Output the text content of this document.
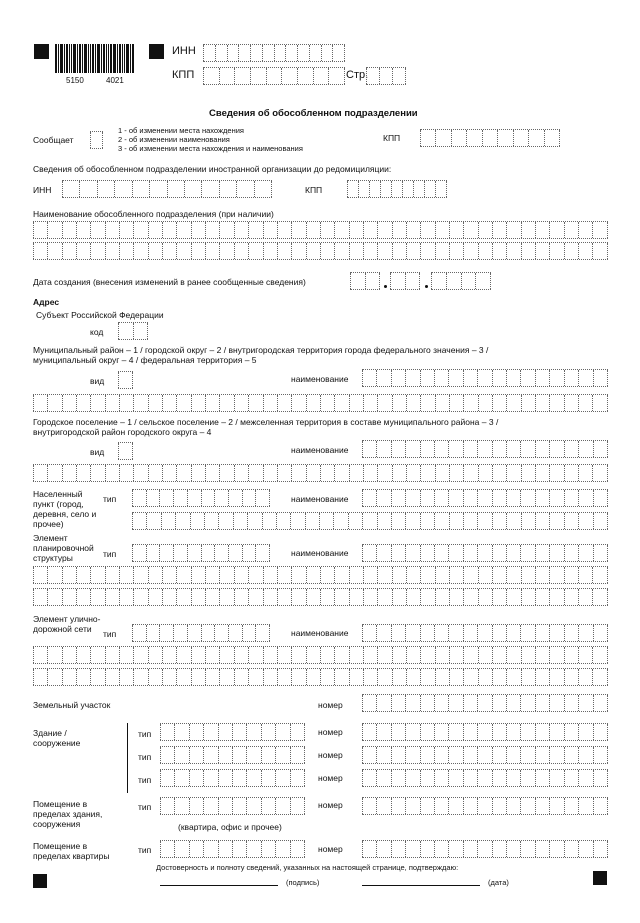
5150	4021
ИНН
КПП	Стр.
Сведения об обособленном подразделении
Сообщает
1 - об изменении места нахождения
2 - об изменении наименования
3 - об изменении места нахождения и наименования
КПП
Сведения об обособленном подразделении иностранной организации до редомициляции:
ИНН	КПП
Наименование обособленного подразделения (при наличии)
Дата создания (внесения изменений в ранее сообщенные сведения)
Адрес
Субъект Российской Федерации
код
Муниципальный район – 1 / городской округ – 2 / внутригородская территория города федерального значения – 3 / муниципальный округ – 4 / федеральная территория – 5
вид	наименование
Городское поселение – 1 / сельское поселение – 2 / межселенная территория в составе муниципального района – 3 / внутригородской район городского округа – 4
вид	наименование
Населенный пункт (город, деревня, село и прочее)
тип	наименование
Элемент планировочной структуры	тип	наименование
Элемент улично-дорожной сети	тип	наименование
Земельный участок	номер
Здание / сооружение
тип	номер
тип	номер
тип	номер
Помещение в пределах здания, сооружения
тип	номер
(квартира, офис и прочее)
Помещение в пределах квартиры
тип	номер
Достоверность и полноту сведений, указанных на настоящей странице, подтверждаю:
(подпись)	(дата)
